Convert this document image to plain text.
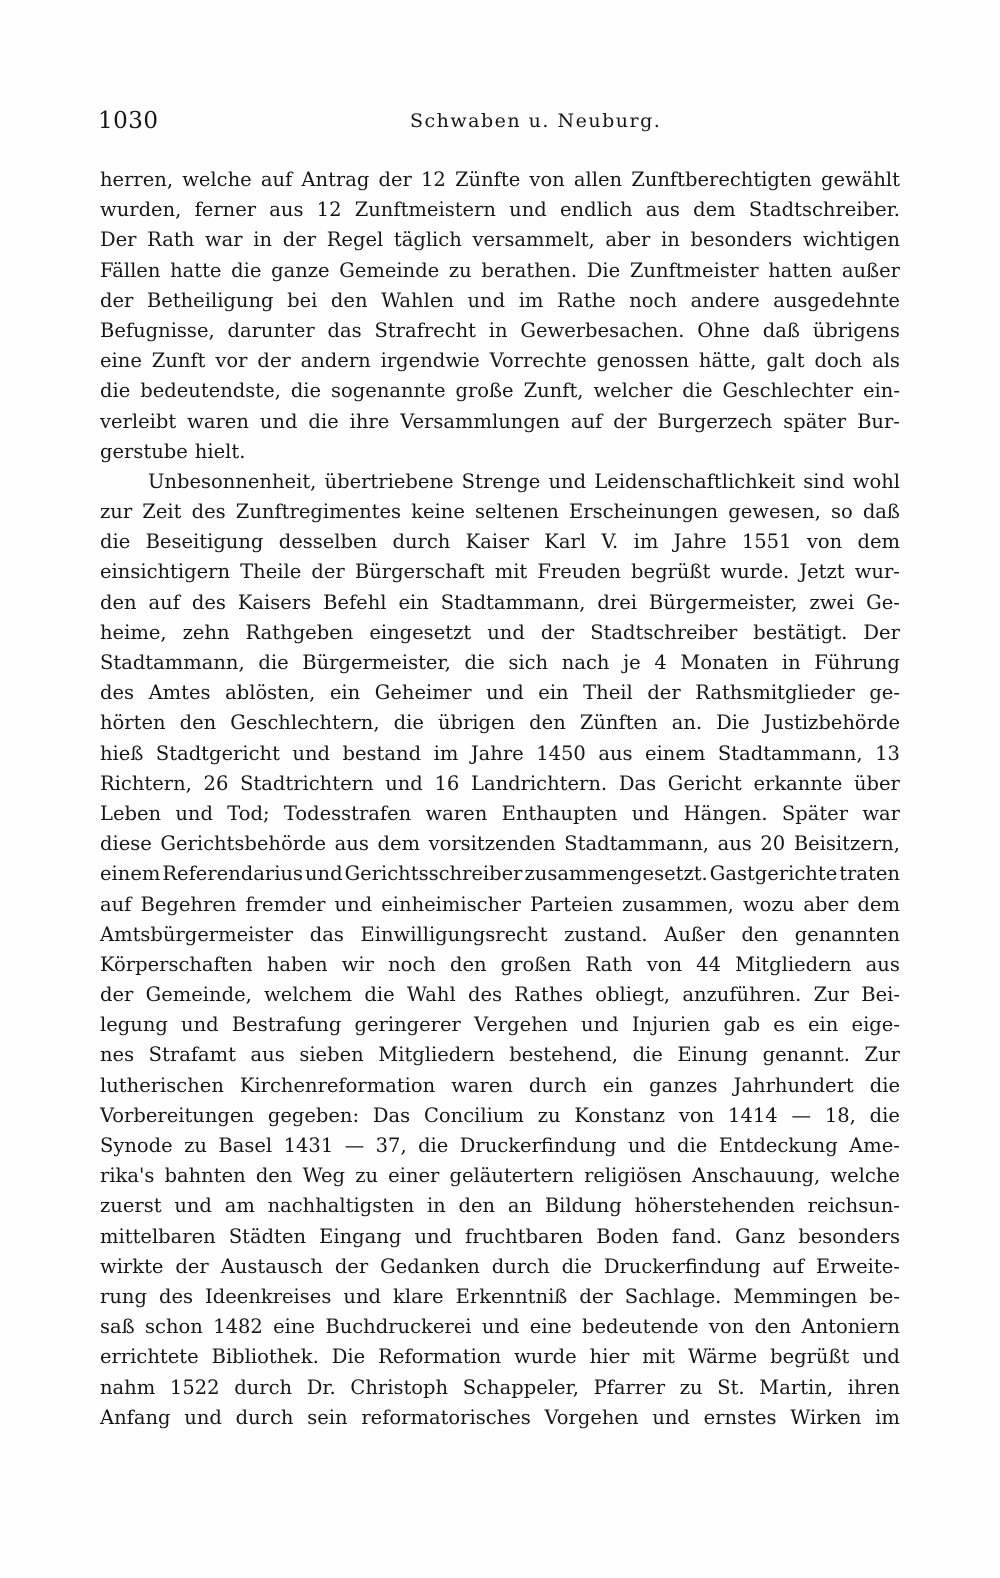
1030	Schwaben u. Neuburg.
herren, welche auf Antrag der 12 Zünfte von allen Zunftberechtigten gewählt
wurden, ferner aus 12 Zunftmeistern und endlich aus dem Stadtschreiber.
Der Rath war in der Regel täglich versammelt, aber in besonders wichtigen
Fällen hatte die ganze Gemeinde zu berathen. Die Zunftmeister hatten außer
der Betheiligung bei den Wahlen und im Rathe noch andere ausgedehnte
Befugnisse, darunter das Strafrecht in Gewerbesachen. Ohne daß übrigens
eine Zunft vor der andern irgendwie Vorrechte genossen hätte, galt doch als
die bedeutendste, die sogenannte große Zunft, welcher die Geschlechter ein-
verleibt waren und die ihre Versammlungen auf der Burgerzech später Bur-
gerstube hielt.
Unbesonnenheit, übertriebene Strenge und Leidenschaftlichkeit sind wohl
zur Zeit des Zunftregimentes keine seltenen Erscheinungen gewesen, so daß
die Beseitigung desselben durch Kaiser Karl V. im Jahre 1551 von dem
einsichtigern Theile der Bürgerschaft mit Freuden begrüßt wurde. Jetzt wur-
den auf des Kaisers Befehl ein Stadtammann, drei Bürgermeister, zwei Ge-
heime, zehn Rathgeben eingesetzt und der Stadtschreiber bestätigt. Der
Stadtammann, die Bürgermeister, die sich nach je 4 Monaten in Führung
des Amtes ablösten, ein Geheimer und ein Theil der Rathsmitglieder ge-
hörten den Geschlechtern, die übrigen den Zünften an. Die Justizbehörde
hieß Stadtgericht und bestand im Jahre 1450 aus einem Stadtammann, 13
Richtern, 26 Stadtrichtern und 16 Landrichtern. Das Gericht erkannte über
Leben und Tod; Todesstrafen waren Enthaupten und Hängen. Später war
diese Gerichtsbehörde aus dem vorsitzenden Stadtammann, aus 20 Beisitzern,
einem Referendarius und Gerichtsschreiber zusammengesetzt. Gastgerichte traten
auf Begehren fremder und einheimischer Parteien zusammen, wozu aber dem
Amtsbürgermeister das Einwilligungsrecht zustand. Außer den genannten
Körperschaften haben wir noch den großen Rath von 44 Mitgliedern aus
der Gemeinde, welchem die Wahl des Rathes obliegt, anzuführen. Zur Bei-
legung und Bestrafung geringerer Vergehen und Injurien gab es ein eige-
nes Strafamt aus sieben Mitgliedern bestehend, die Einung genannt. Zur
lutherischen Kirchenreformation waren durch ein ganzes Jahrhundert die
Vorbereitungen gegeben: Das Concilium zu Konstanz von 1414 — 18, die
Synode zu Basel 1431 — 37, die Druckerfindung und die Entdeckung Ame-
rika's bahnten den Weg zu einer geläutertern religiösen Anschauung, welche
zuerst und am nachhaltigsten in den an Bildung höherstehenden reichsun-
mittelbaren Städten Eingang und fruchtbaren Boden fand. Ganz besonders
wirkte der Austausch der Gedanken durch die Druckerfindung auf Erweite-
rung des Ideenkreises und klare Erkenntniß der Sachlage. Memmingen be-
saß schon 1482 eine Buchdruckerei und eine bedeutende von den Antoniern
errichtete Bibliothek. Die Reformation wurde hier mit Wärme begrüßt und
nahm 1522 durch Dr. Christoph Schappeler, Pfarrer zu St. Martin, ihren
Anfang und durch sein reformatorisches Vorgehen und ernstes Wirken im
